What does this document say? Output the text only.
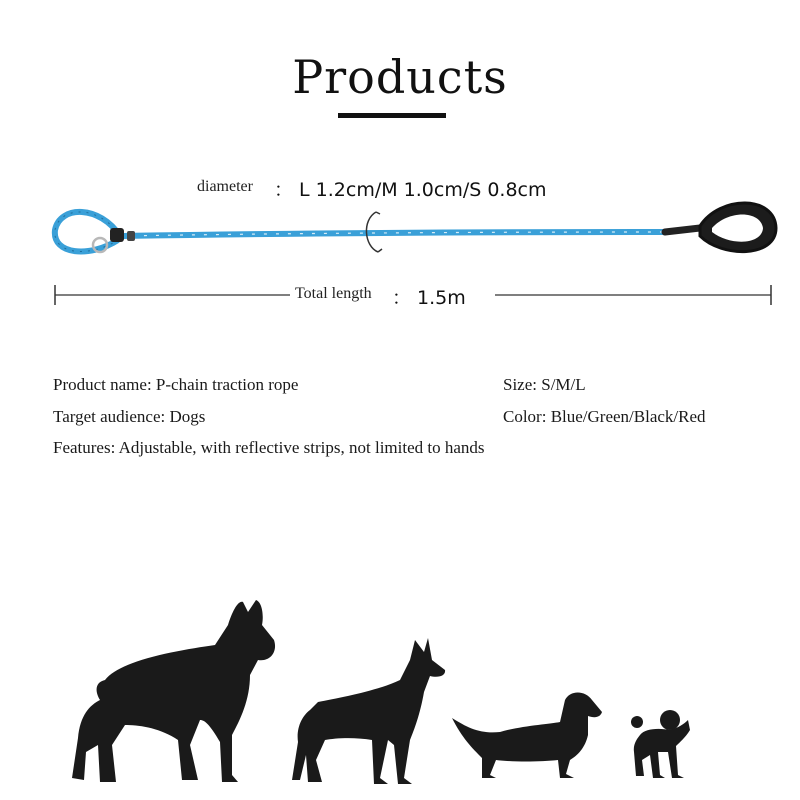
Products
diameter ： L 1.2cm/M 1.0cm/S 0.8cm
Total length ： 1.5m
Product name: P-chain traction rope	Size: S/M/L
Target audience: Dogs	Color: Blue/Green/Black/Red
Features: Adjustable, with reflective strips, not limited to hands
